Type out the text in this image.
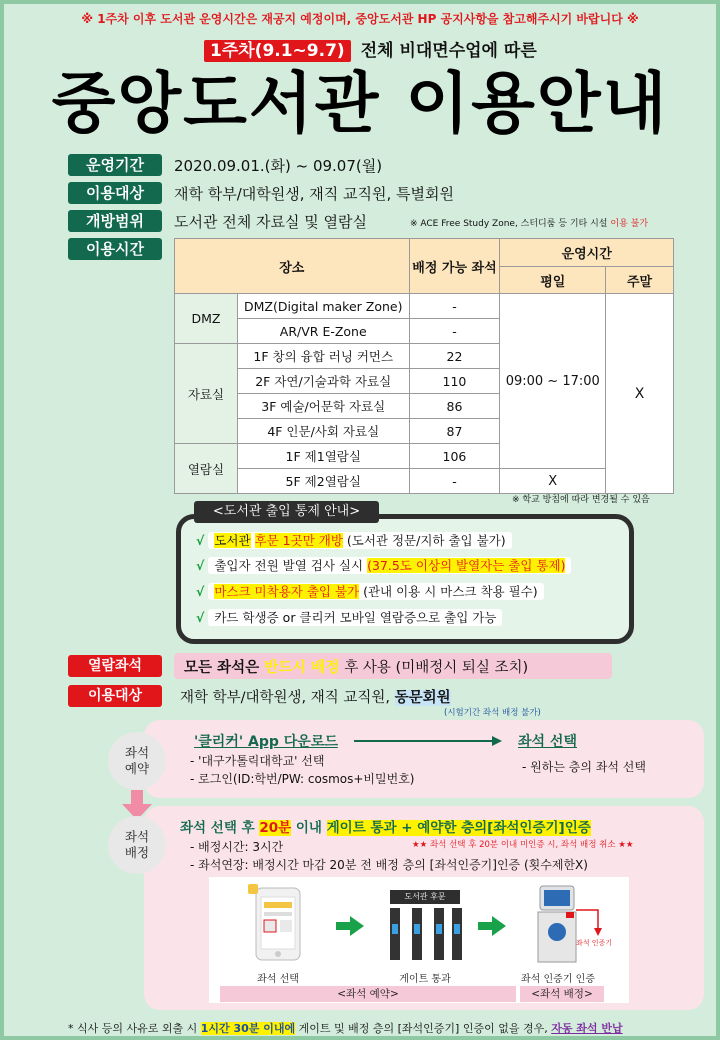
※ 1주차 이후 도서관 운영시간은 재공지 예정이며, 중앙도서관 HP 공지사항을 참고해주시기 바랍니다 ※
1주차(9.1~9.7) 전체 비대면수업에 따른
중앙도서관 이용안내
운영기간	2020.09.01.(화) ~ 09.07(월)
이용대상	재학 학부/대학원생, 재직 교직원, 특별회원
개방범위	도서관 전체 자료실 및 열람실	※ ACE Free Study Zone, 스터디룸 등 기타 시설 이용 불가
이용시간
장소		배정 가능 좌석	운영시간	
			평일	주말
DMZ	DMZ(Digital maker Zone)	-	09:00 ~ 17:00	X
	AR/VR E-Zone	-		
자료실	1F 창의 융합 러닝 커먼스	22		
	2F 자연/기술과학 자료실	110		
	3F 예술/어문학 자료실	86		
	4F 인문/사회 자료실	87		
열람실	1F 제1열람실	106		
	5F 제2열람실	-	X	
※ 학교 방침에 따라 변경될 수 있음
<도서관 출입 통제 안내>
√ 도서관 후문 1곳만 개방 (도서관 정문/지하 출입 불가)
√ 출입자 전원 발열 검사 실시 (37.5도 이상의 발열자는 출입 통제)
√ 마스크 미착용자 출입 불가 (관내 이용 시 마스크 착용 필수)
√ 카드 학생증 or 클리커 모바일 열람증으로 출입 가능
열람좌석	모든 좌석은 반드시 배정 후 사용 (미배정시 퇴실 조치)
이용대상	재학 학부/대학원생, 재직 교직원, 동문회원
(시험기간 좌석 배정 불가)
좌석
예약
'클리커' App 다운로드
- '대구가톨릭대학교' 선택
- 로그인(ID:학번/PW: cosmos+비밀번호)
좌석 선택
- 원하는 층의 좌석 선택
좌석
배정
좌석 선택 후 20분 이내 게이트 통과 + 예약한 층의[좌석인증기]인증
★★ 좌석 선택 후 20분 이내 미인증 시, 좌석 배정 취소 ★★
- 배정시간: 3시간
- 좌석연장: 배정시간 마감 20분 전 배정 층의 [좌석인증기]인증 (횟수제한X)
도서관 후문
좌석 인증기
좌석 선택	게이트 통과	좌석 인증기 인증
<좌석 예약>	<좌석 배정>
* 식사 등의 사유로 외출 시 1시간 30분 이내에 게이트 및 배정 층의 [좌석인증기] 인증이 없을 경우, 자동 좌석 반납
